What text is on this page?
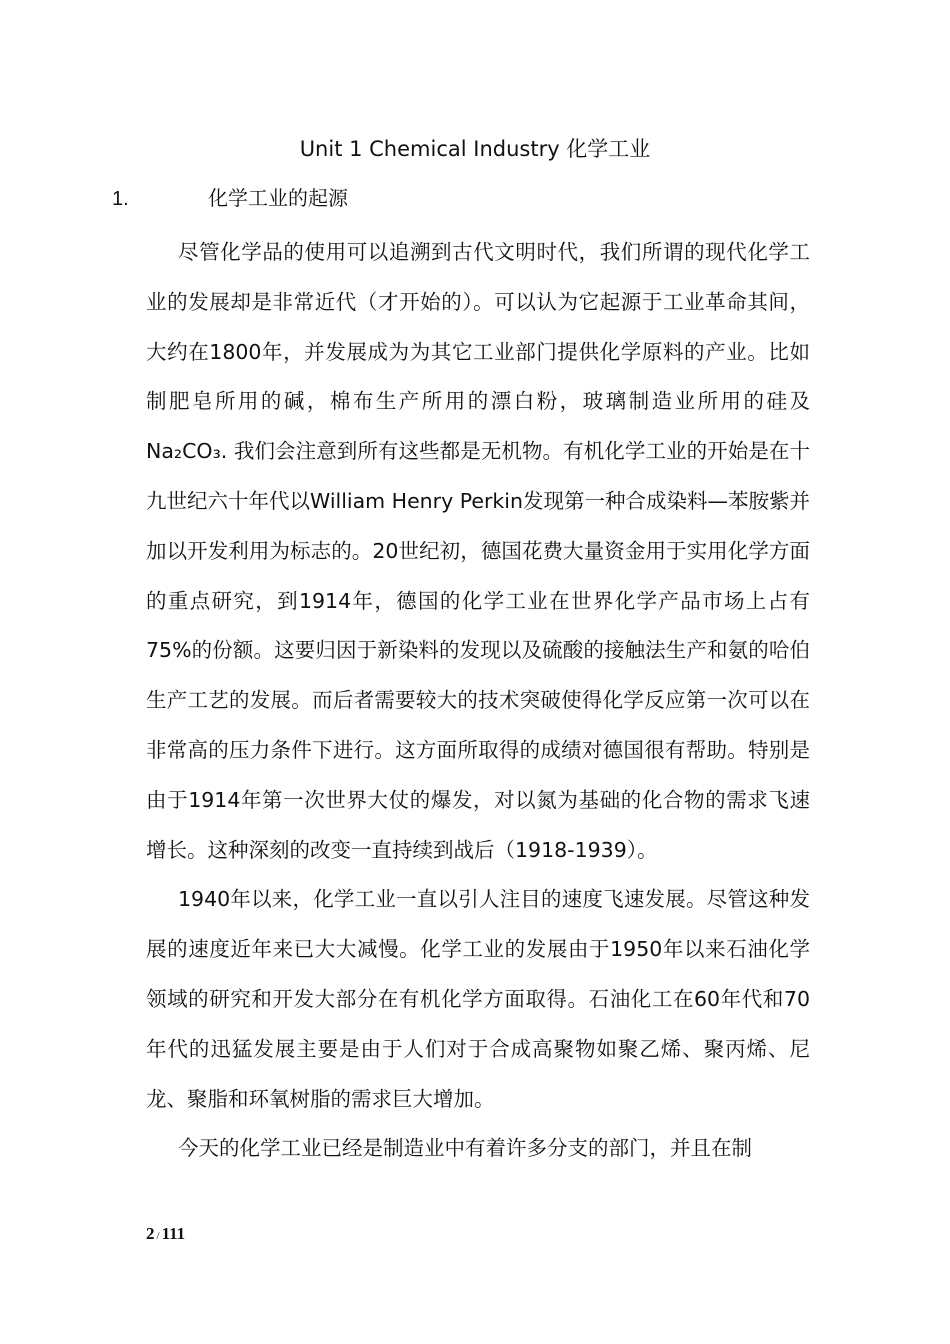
Unit 1 Chemical Industry 化学工业
1.	化学工业的起源

尽管化学品的使用可以追溯到古代文明时代，我们所谓的现代化学工业的发展却是非常近代（才开始的）。可以认为它起源于工业革命其间，大约在1800年，并发展成为为其它工业部门提供化学原料的产业。比如制肥皂所用的碱，棉布生产所用的漂白粉，玻璃制造业所用的硅及Na₂CO₃. 我们会注意到所有这些都是无机物。有机化学工业的开始是在十九世纪六十年代以William Henry Perkin发现第一种合成染料—苯胺紫并加以开发利用为标志的。20世纪初，德国花费大量资金用于实用化学方面的重点研究，到1914年，德国的化学工业在世界化学产品市场上占有75%的份额。这要归因于新染料的发现以及硫酸的接触法生产和氨的哈伯生产工艺的发展。而后者需要较大的技术突破使得化学反应第一次可以在非常高的压力条件下进行。这方面所取得的成绩对德国很有帮助。特别是由于1914年第一次世界大仗的爆发，对以氮为基础的化合物的需求飞速增长。这种深刻的改变一直持续到战后（1918-1939）。

1940年以来，化学工业一直以引人注目的速度飞速发展。尽管这种发展的速度近年来已大大减慢。化学工业的发展由于1950年以来石油化学领域的研究和开发大部分在有机化学方面取得。石油化工在60年代和70年代的迅猛发展主要是由于人们对于合成高聚物如聚乙烯、聚丙烯、尼龙、聚脂和环氧树脂的需求巨大增加。

今天的化学工业已经是制造业中有着许多分支的部门，并且在制

2 / 111
